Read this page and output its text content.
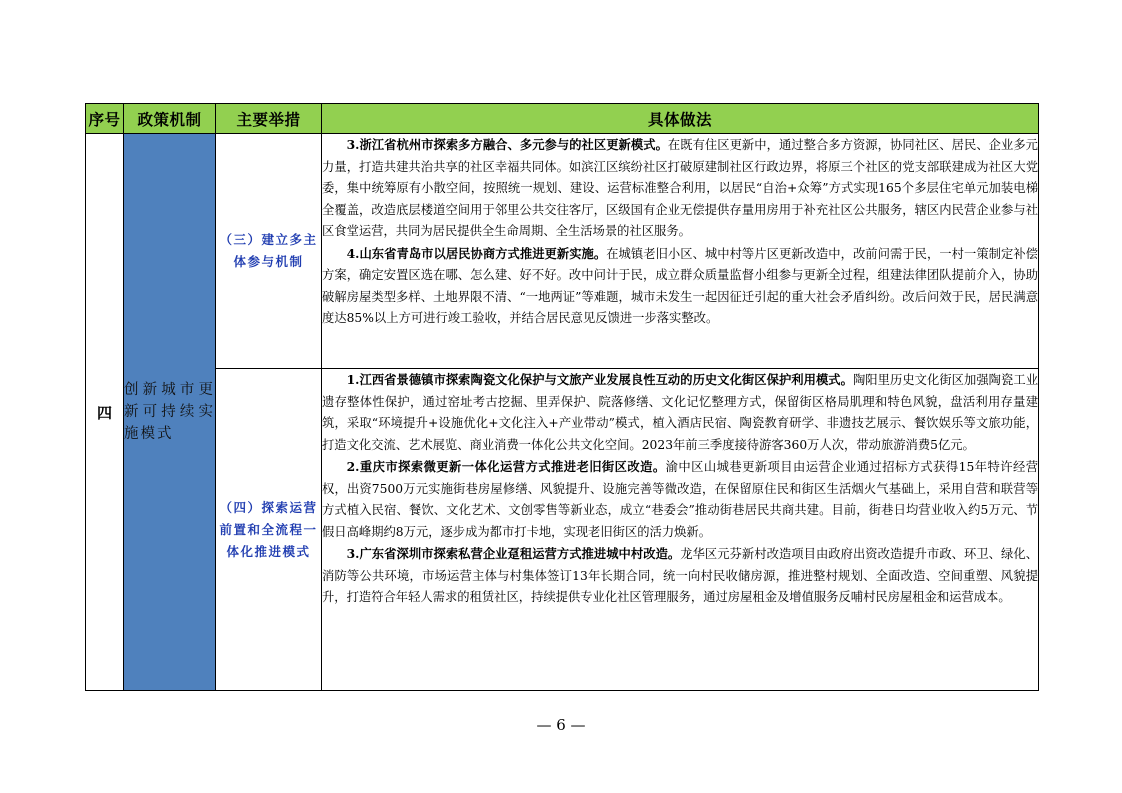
序号	政策机制	主要举措	具体做法
四	创新城市更新可持续实施模式	（三）建立多主体参与机制	3.浙江省杭州市探索多方融合、多元参与的社区更新模式。在既有住区更新中，通过整合多方资源，协同社区、居民、企业多元力量，打造共建共治共享的社区幸福共同体。如滨江区缤纷社区打破原建制社区行政边界，将原三个社区的党支部联建成为社区大党委，集中统筹原有小散空间，按照统一规划、建设、运营标准整合利用，以居民“自治+众筹”方式实现165个多层住宅单元加装电梯全覆盖，改造底层楼道空间用于邻里公共交往客厅，区级国有企业无偿提供存量用房用于补充社区公共服务，辖区内民营企业参与社区食堂运营，共同为居民提供全生命周期、全生活场景的社区服务。

4.山东省青岛市以居民协商方式推进更新实施。在城镇老旧小区、城中村等片区更新改造中，改前问需于民，一村一策制定补偿方案，确定安置区选在哪、怎么建、好不好。改中问计于民，成立群众质量监督小组参与更新全过程，组建法律团队提前介入，协助破解房屋类型多样、土地界限不清、“一地两证”等难题，城市未发生一起因征迁引起的重大社会矛盾纠纷。改后问效于民，居民满意度达85%以上方可进行竣工验收，并结合居民意见反馈进一步落实整改。

		（四）探索运营前置和全流程一体化推进模式	1.江西省景德镇市探索陶瓷文化保护与文旅产业发展良性互动的历史文化街区保护利用模式。陶阳里历史文化街区加强陶瓷工业遗存整体性保护，通过窑址考古挖掘、里弄保护、院落修缮、文化记忆整理方式，保留街区格局肌理和特色风貌，盘活利用存量建筑，采取“环境提升+设施优化+文化注入+产业带动”模式，植入酒店民宿、陶瓷教育研学、非遗技艺展示、餐饮娱乐等文旅功能，打造文化交流、艺术展览、商业消费一体化公共文化空间。2023年前三季度接待游客360万人次，带动旅游消费5亿元。

2.重庆市探索微更新一体化运营方式推进老旧街区改造。渝中区山城巷更新项目由运营企业通过招标方式获得15年特许经营权，出资7500万元实施街巷房屋修缮、风貌提升、设施完善等微改造，在保留原住民和街区生活烟火气基础上，采用自营和联营等方式植入民宿、餐饮、文化艺术、文创零售等新业态，成立“巷委会”推动街巷居民共商共建。目前，街巷日均营业收入约5万元、节假日高峰期约8万元，逐步成为都市打卡地，实现老旧街区的活力焕新。

3.广东省深圳市探索私营企业趸租运营方式推进城中村改造。龙华区元芬新村改造项目由政府出资改造提升市政、环卫、绿化、消防等公共环境，市场运营主体与村集体签订13年长期合同，统一向村民收储房源，推进整村规划、全面改造、空间重塑、风貌提升，打造符合年轻人需求的租赁社区，持续提供专业化社区管理服务，通过房屋租金及增值服务反哺村民房屋租金和运营成本。

— 6 —
